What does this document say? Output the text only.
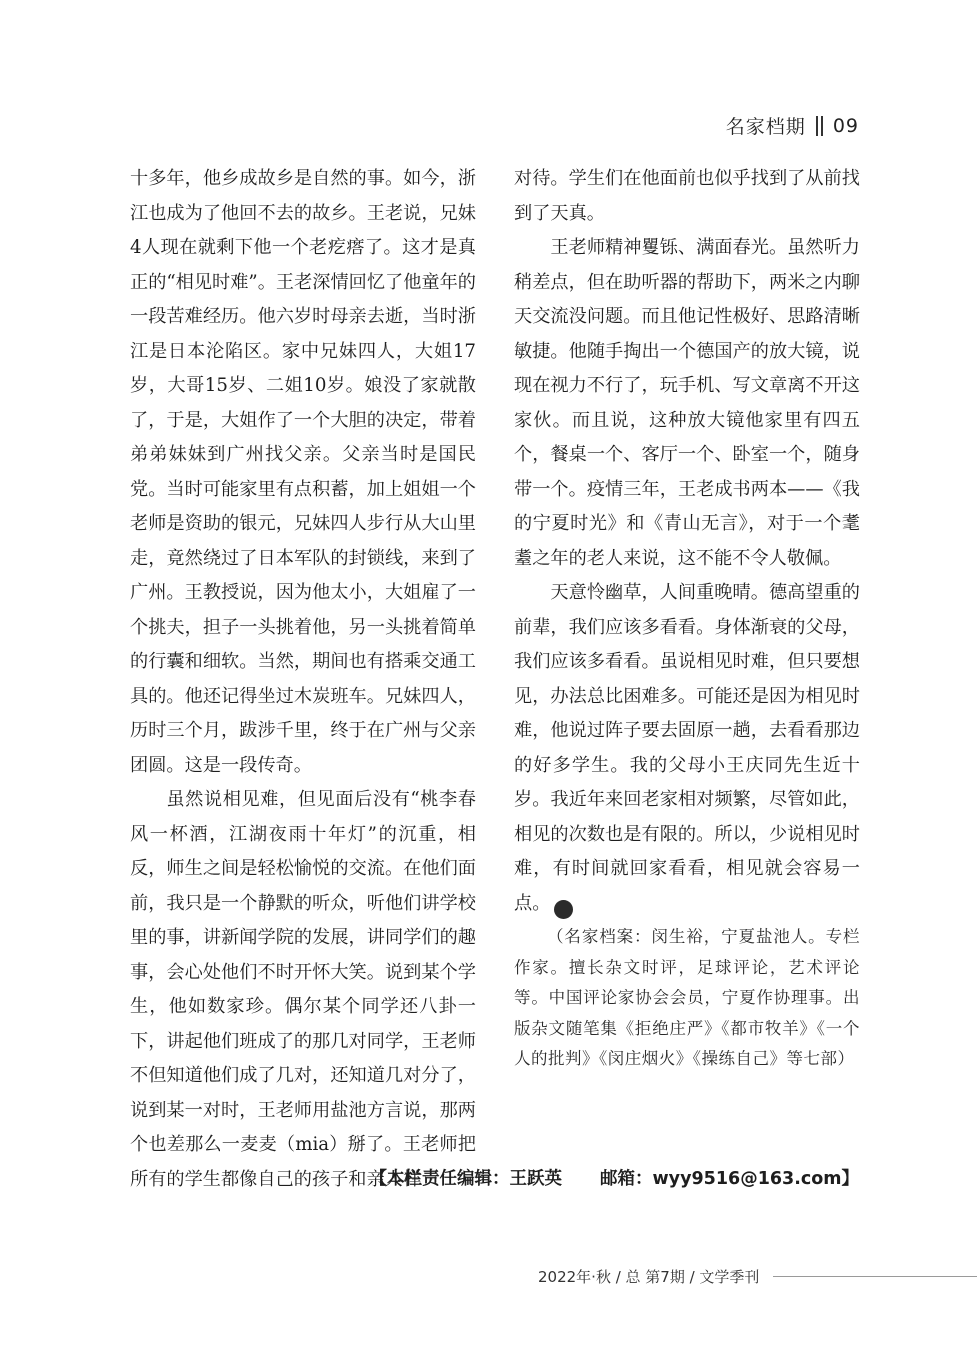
名家档期 09

十多年，他乡成故乡是自然的事。如今，浙江也成为了他回不去的故乡。王老说，兄妹4人现在就剩下他一个老疙瘩了。这才是真正的“相见时难”。王老深情回忆了他童年的一段苦难经历。他六岁时母亲去逝，当时浙江是日本沦陷区。家中兄妹四人，大姐17岁，大哥15岁、二姐10岁。娘没了家就散了，于是，大姐作了一个大胆的决定，带着弟弟妹妹到广州找父亲。父亲当时是国民党。当时可能家里有点积蓄，加上姐姐一个老师是资助的银元，兄妹四人步行从大山里走，竟然绕过了日本军队的封锁线，来到了广州。王教授说，因为他太小，大姐雇了一个挑夫，担子一头挑着他，另一头挑着简单的行囊和细软。当然，期间也有搭乘交通工具的。他还记得坐过木炭班车。兄妹四人，历时三个月，跋涉千里，终于在广州与父亲团圆。这是一段传奇。

虽然说相见难，但见面后没有“桃李春风一杯酒，江湖夜雨十年灯”的沉重，相反，师生之间是轻松愉悦的交流。在他们面前，我只是一个静默的听众，听他们讲学校里的事，讲新闻学院的发展，讲同学们的趣事，会心处他们不时开怀大笑。说到某个学生，他如数家珍。偶尔某个同学还八卦一下，讲起他们班成了的那几对同学，王老师不但知道他们成了几对，还知道几对分了，说到某一对时，王老师用盐池方言说，那两个也差那么一麦麦（mia）掰了。王老师把所有的学生都像自己的孩子和亲人样

对待。学生们在他面前也似乎找到了从前找到了天真。

王老师精神矍铄、满面春光。虽然听力稍差点，但在助听器的帮助下，两米之内聊天交流没问题。而且他记性极好、思路清晰敏捷。他随手掏出一个德国产的放大镜，说现在视力不行了，玩手机、写文章离不开这家伙。而且说，这种放大镜他家里有四五个，餐桌一个、客厅一个、卧室一个，随身带一个。疫情三年，王老成书两本——《我的宁夏时光》和《青山无言》，对于一个耄耋之年的老人来说，这不能不令人敬佩。

天意怜幽草，人间重晚晴。德高望重的前辈，我们应该多看看。身体渐衰的父母，我们应该多看看。虽说相见时难，但只要想见，办法总比困难多。可能还是因为相见时难，他说过阵子要去固原一趟，去看看那边的好多学生。我的父母小王庆同先生近十岁。我近年来回老家相对频繁，尽管如此，相见的次数也是有限的。所以，少说相见时难，有时间就回家看看，相见就会容易一点。	小

（名家档案：闵生裕，宁夏盐池人。专栏作家。擅长杂文时评，足球评论，艺术评论等。中国评论家协会会员，宁夏作协理事。出版杂文随笔集《拒绝庄严》《都市牧羊》《一个人的批判》《闵庄烟火》《操练自己》等七部）
【本栏责任编辑：王跃英 邮箱：wyy9516@163.com】
2022年·秋 / 总 第7期 / 文学季刊
